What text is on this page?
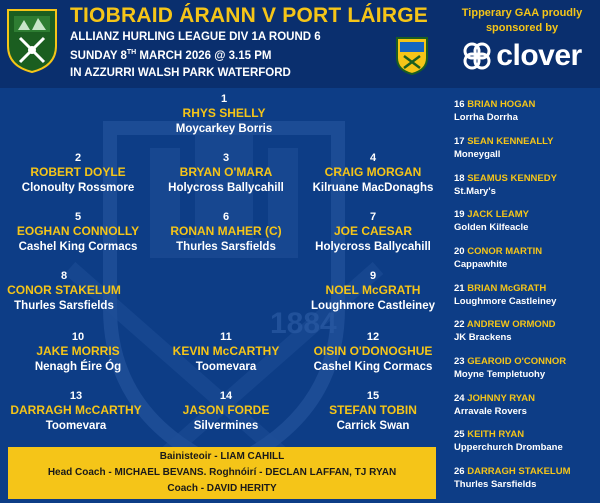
TIOBRAID ÁRANN V PORT LÁIRGE
ALLIANZ HURLING LEAGUE DIV 1A ROUND 6
SUNDAY 8TH MARCH 2026 @ 3.15 PM
IN AZZURRI WALSH PARK WATERFORD
Tipperary GAA proudly
sponsored by
clover
1884
1
RHYS SHELLY
Moycarkey Borris
2
ROBERT DOYLE
Clonoulty Rossmore
3
BRYAN O'MARA
Holycross Ballycahill
4
CRAIG MORGAN
Kilruane MacDonaghs
5
EOGHAN CONNOLLY
Cashel King Cormacs
6
RONAN MAHER (C)
Thurles Sarsfields
7
JOE CAESAR
Holycross Ballycahill
8
CONOR STAKELUM
Thurles Sarsfields
9
NOEL McGRATH
Loughmore Castleiney
10
JAKE MORRIS
Nenagh Éire Óg
11
KEVIN McCARTHY
Toomevara
12
OISIN O'DONOGHUE
Cashel King Cormacs
13
DARRAGH McCARTHY
Toomevara
14
JASON FORDE
Silvermines
15
STEFAN TOBIN
Carrick Swan
Bainisteoir - LIAM CAHILL
Head Coach - MICHAEL BEVANS. Roghnóirí - DECLAN LAFFAN, TJ RYAN
Coach - DAVID HERITY
16 BRIAN HOGAN
Lorrha Dorrha
17 SEAN KENNEALLY
Moneygall
18 SEAMUS KENNEDY
St.Mary's
19 JACK LEAMY
Golden Kilfeacle
20 CONOR MARTIN
Cappawhite
21 BRIAN McGRATH
Loughmore Castleiney
22 ANDREW ORMOND
JK Brackens
23 GEAROID O'CONNOR
Moyne Templetuohy
24 JOHNNY RYAN
Arravale Rovers
25 KEITH RYAN
Upperchurch Drombane
26 DARRAGH STAKELUM
Thurles Sarsfields
